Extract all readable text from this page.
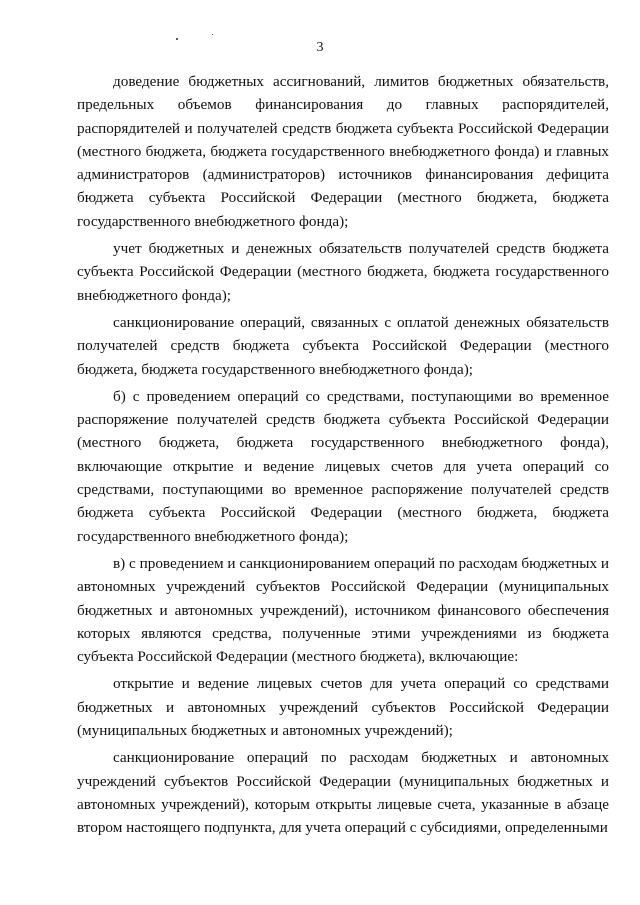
3

доведение бюджетных ассигнований, лимитов бюджетных обязательств, предельных объемов финансирования до главных распорядителей, распорядителей и получателей средств бюджета субъекта Российской Федерации (местного бюджета, бюджета государственного внебюджетного фонда) и главных администраторов (администраторов) источников финансирования дефицита бюджета субъекта Российской Федерации (местного бюджета, бюджета государственного внебюджетного фонда);

учет бюджетных и денежных обязательств получателей средств бюджета субъекта Российской Федерации (местного бюджета, бюджета государственного внебюджетного фонда);

санкционирование операций, связанных с оплатой денежных обязательств получателей средств бюджета субъекта Российской Федерации (местного бюджета, бюджета государственного внебюджетного фонда);

б) с проведением операций со средствами, поступающими во временное распоряжение получателей средств бюджета субъекта Российской Федерации (местного бюджета, бюджета государственного внебюджетного фонда), включающие открытие и ведение лицевых счетов для учета операций со средствами, поступающими во временное распоряжение получателей средств бюджета субъекта Российской Федерации (местного бюджета, бюджета государственного внебюджетного фонда);

в) с проведением и санкционированием операций по расходам бюджетных и автономных учреждений субъектов Российской Федерации (муниципальных бюджетных и автономных учреждений), источником финансового обеспечения которых являются средства, полученные этими учреждениями из бюджета субъекта Российской Федерации (местного бюджета), включающие:

открытие и ведение лицевых счетов для учета операций со средствами бюджетных и автономных учреждений субъектов Российской Федерации (муниципальных бюджетных и автономных учреждений);

санкционирование операций по расходам бюджетных и автономных учреждений субъектов Российской Федерации (муниципальных бюджетных и автономных учреждений), которым открыты лицевые счета, указанные в абзаце втором настоящего подпункта, для учета операций с субсидиями, определенными
